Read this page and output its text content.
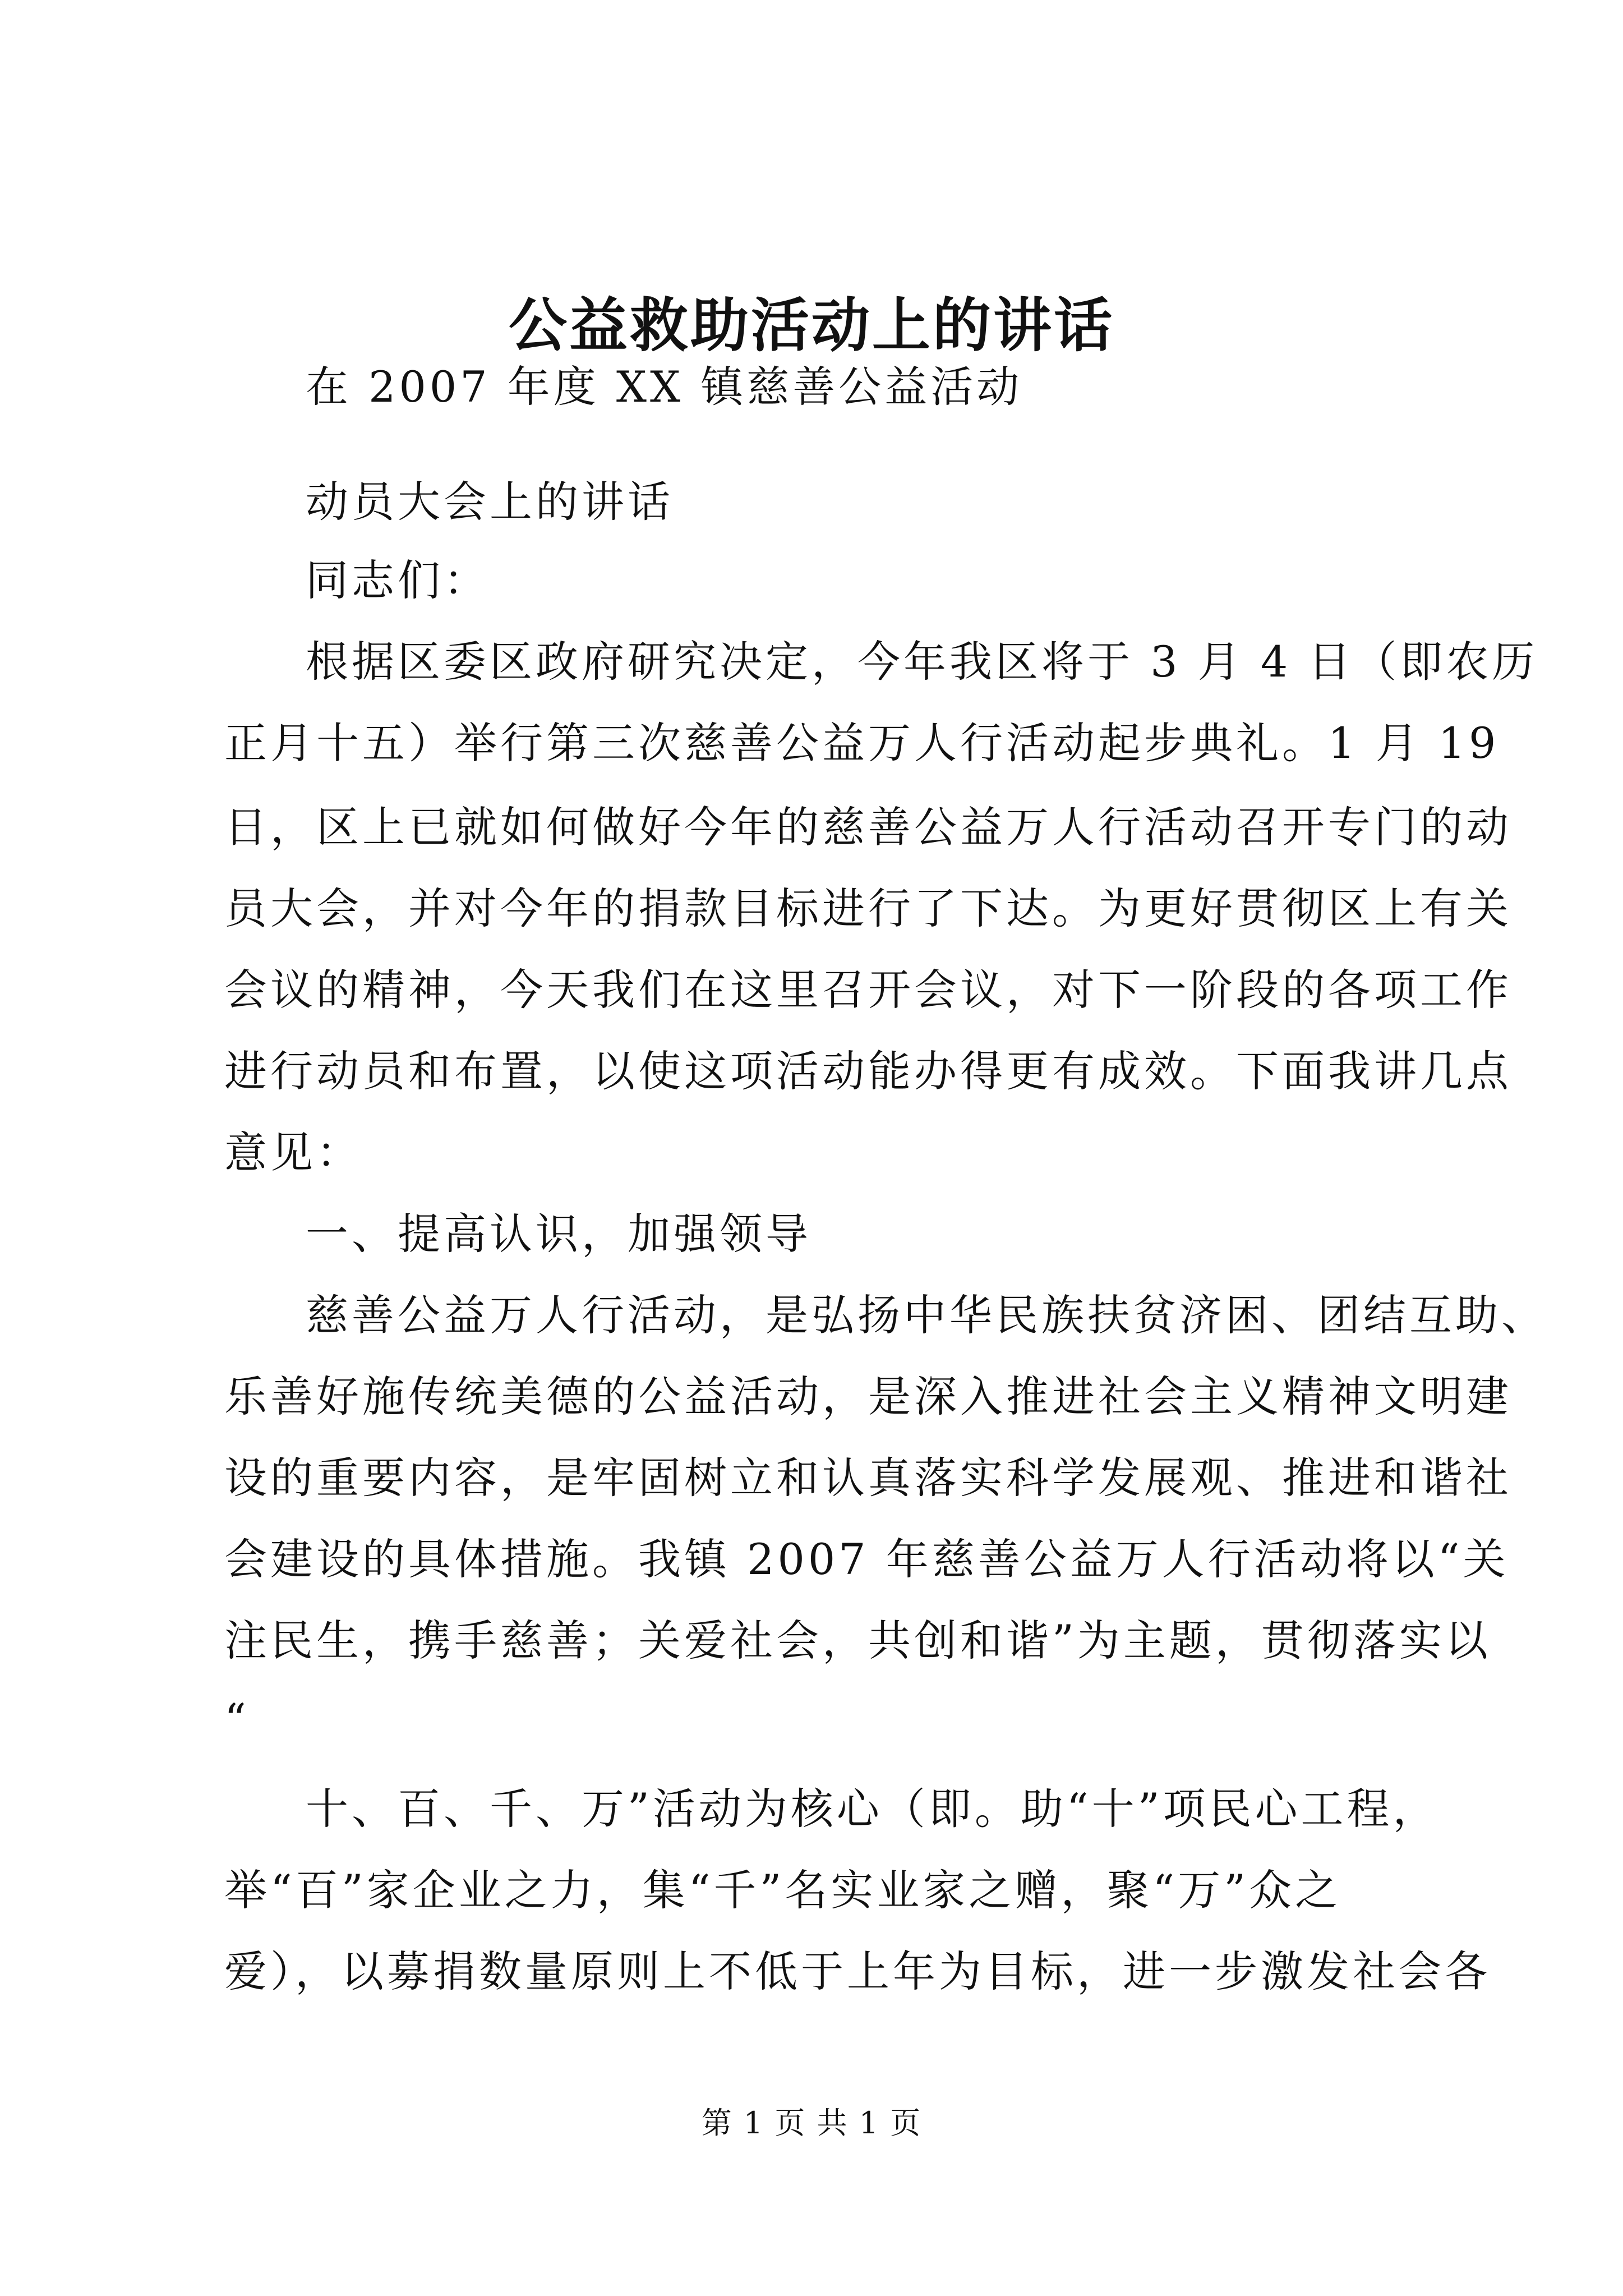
公益救助活动上的讲话
在 2007 年度 XX 镇慈善公益活动
动员大会上的讲话
同志们：
根据区委区政府研究决定，今年我区将于 3 月 4 日（即农历
正月十五）举行第三次慈善公益万人行活动起步典礼。1 月 19
日，区上已就如何做好今年的慈善公益万人行活动召开专门的动
员大会，并对今年的捐款目标进行了下达。为更好贯彻区上有关
会议的精神，今天我们在这里召开会议，对下一阶段的各项工作
进行动员和布置，以使这项活动能办得更有成效。下面我讲几点
意见：
一、提高认识，加强领导
慈善公益万人行活动，是弘扬中华民族扶贫济困、团结互助、
乐善好施传统美德的公益活动，是深入推进社会主义精神文明建
设的重要内容，是牢固树立和认真落实科学发展观、推进和谐社
会建设的具体措施。我镇 2007 年慈善公益万人行活动将以“关
注民生，携手慈善；关爱社会，共创和谐”为主题，贯彻落实以
“
十、百、千、万”活动为核心（即。助“十”项民心工程，
举“百”家企业之力，集“千”名实业家之赠，聚“万”众之
爱），以募捐数量原则上不低于上年为目标，进一步激发社会各
第 1 页 共 1 页
